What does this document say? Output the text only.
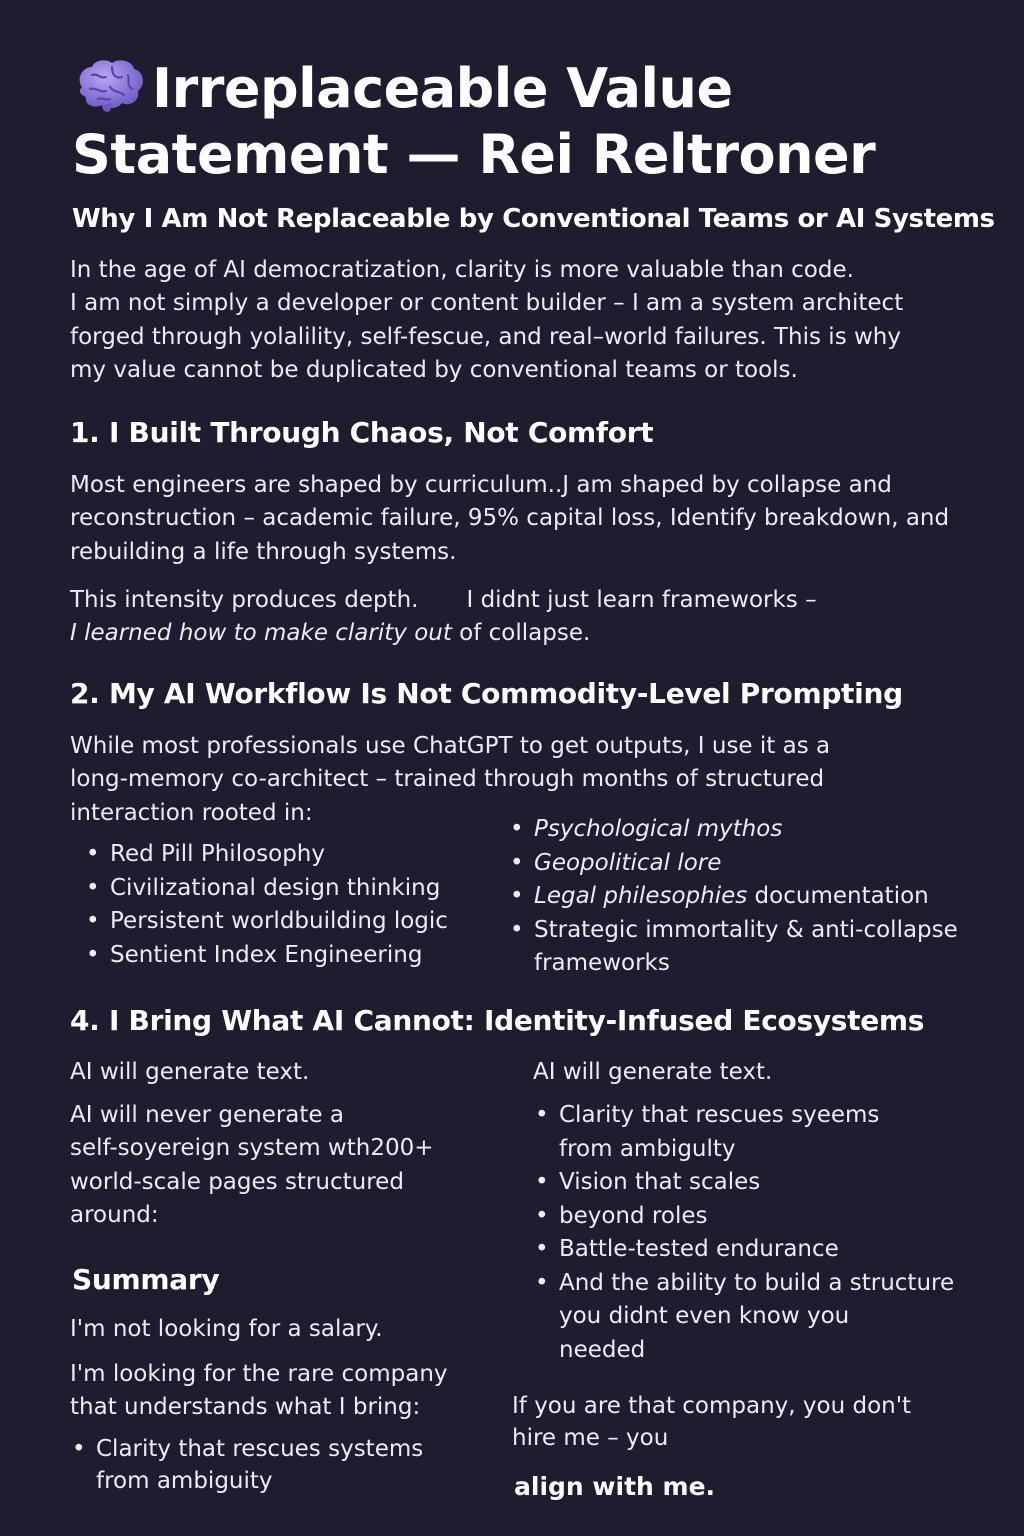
Irreplaceable Value
Statement — Rei Reltroner
Why I Am Not Replaceable by Conventional Teams or AI Systems
In the age of AI democratization, clarity is more valuable than code.
I am not simply a developer or content builder – I am a system architect
forged through yolalility, self-fescue, and real–world failures. This is why
my value cannot be duplicated by conventional teams or tools.
1. I Built Through Chaos, Not Comfort
Most engineers are shaped by curriculum..J am shaped by collapse and
reconstruction – academic failure, 95% capital loss, Identify breakdown, and
rebuilding a life through systems.
This intensity produces depth. I didnt just learn frameworks –
I learned how to make clarity out of collapse.
2. My AI Workflow Is Not Commodity-Level Prompting
While most professionals use ChatGPT to get outputs, I use it as a
long-memory co-architect – trained through months of structured
interaction rooted in:
• Red Pill Philosophy
• Civilizational design thinking
• Persistent worldbuilding logic
• Sentient Index Engineering
• Psychological mythos
• Geopolitical lore
• Legal philesophies documentation
• Strategic immortality & anti-collapse
frameworks
4. I Bring What AI Cannot: Identity-Infused Ecosystems
AI will generate text.
AI will never generate a
self-soyereign system wth200+
world-scale pages structured
around:
AI will generate text.
• Clarity that rescues syeems
from ambigulty
• Vision that scales
• beyond roles
• Battle-tested endurance
• And the ability to build a structure
you didnt even know you
needed
If you are that company, you don't
hire me – you
align with me.
Summary
I'm not looking for a salary.
I'm looking for the rare company
that understands what I bring:
• Clarity that rescues systems
from ambiguity
